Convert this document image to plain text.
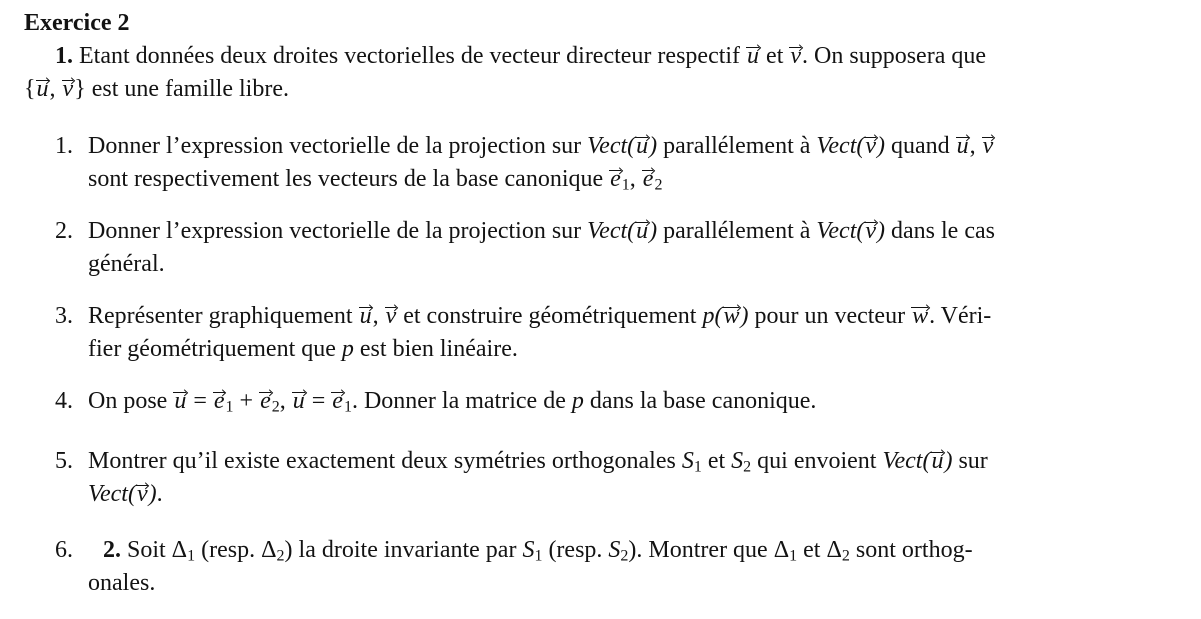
Exercice 2
1. Etant données deux droites vectorielles de vecteur directeur respectif u et v. On supposera que
{u, v} est une famille libre.
1. Donner l’expression vectorielle de la projection sur Vect(u) parallélement à Vect(v) quand u, v
sont respectivement les vecteurs de la base canonique $e_1$, $e_2$
2. Donner l’expression vectorielle de la projection sur Vect(u) parallélement à Vect(v) dans le cas
général.
3. Représenter graphiquement u, v et construire géométriquement p(w) pour un vecteur w. Véri-
fier géométriquement que p est bien linéaire.
4. On pose $u = e_1 + e_2$, $u = e_1$. Donner la matrice de p dans la base canonique.
5. Montrer qu’il existe exactement deux symétries orthogonales $S_1$ et $S_2$ qui envoient Vect(u) sur
Vect(v).
6.	2. Soit $\Delta_1$ (resp. $\Delta_2$) la droite invariante par $S_1$ (resp. $S_2$). Montrer que $\Delta_1$ et $\Delta_2$ sont orthog-
onales.
